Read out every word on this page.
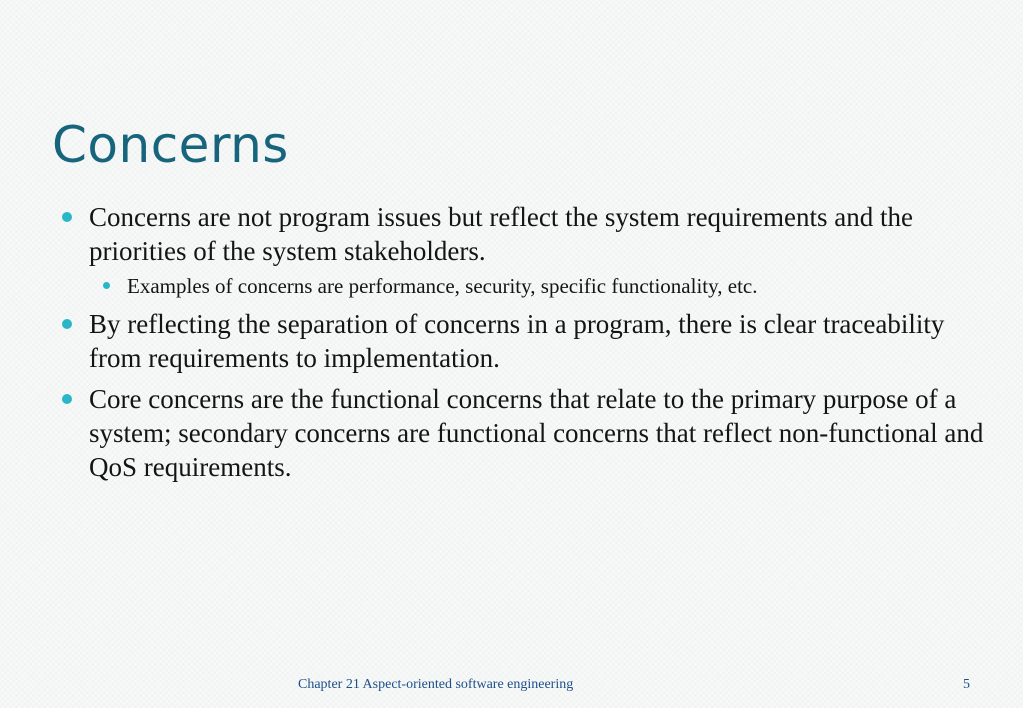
Concerns
Concerns are not program issues but reflect the system requirements and the priorities of the system stakeholders.
Examples of concerns are performance, security, specific functionality, etc.
By reflecting the separation of concerns in a program, there is clear traceability from requirements to implementation.
Core concerns are the functional concerns that relate to the primary purpose of a system; secondary concerns are functional concerns that reflect non-functional and QoS requirements.
Chapter 21 Aspect-oriented software engineering	5
